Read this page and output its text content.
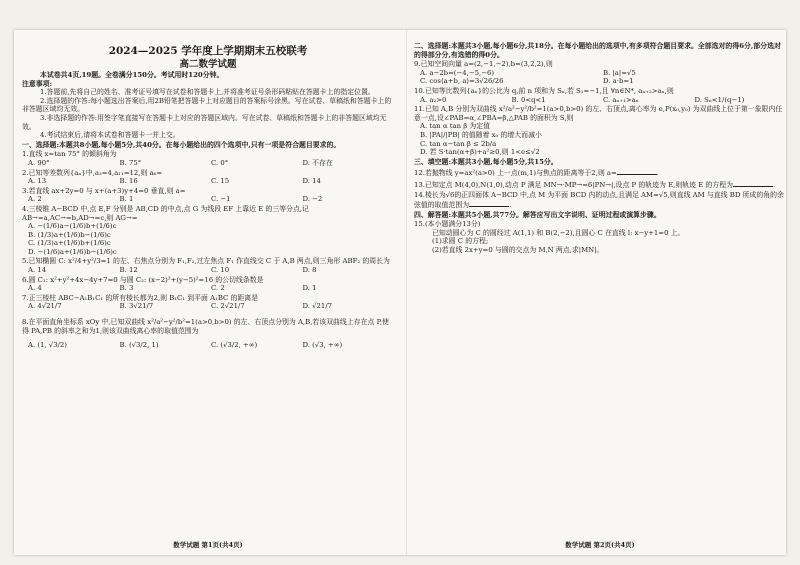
2024—2025 学年度上学期期末五校联考
高二数学试题
本试卷共4页,19题。全卷满分150分。考试用时120分钟。
注意事项:
1.答题前,先将自己的姓名、准考证号填写在试卷和答题卡上,并将准考证号条形码粘贴在答题卡上的指定位置。
2.选择题的作答:每小题选出答案后,用2B铅笔把答题卡上对应题目的答案标号涂黑。写在试卷、草稿纸和答题卡上的非答题区域均无效。
3.非选择题的作答:用签字笔直接写在答题卡上对应的答题区域内。写在试卷、草稿纸和答题卡上的非答题区域均无效。
4.考试结束后,请将本试卷和答题卡一并上交。
一、选择题:本题共8小题,每小题5分,共40分。在每小题给出的四个选项中,只有一项是符合题目要求的。
1.直线 x=tan 75° 的倾斜角为
A. 90°	B. 75°	C. 0°	D. 不存在
2.已知等差数列{aₙ}中,a₃=4,a₁₁=12,则 a₆=
A. 13	B. 16	C. 15	D. 14
3.若直线 ax+2y=0 与 x+(a+3)y+4=0 垂直,则 a=
A. 2	B. 1	C. −1	D. −2
4.三棱锥 A−BCD 中,点 E,F 分别是 AB,CD 的中点,点 G 为线段 EF 上靠近 E 的三等分点,记 AB→=a,AC→=b,AD→=c,则 AG→=
A. −(1/6)a−(1/6)b+(1/6)c
B. (1/3)a+(1/6)b−(1/6)c
C. (1/3)a+(1/6)b+(1/6)c
D. −(1/6)a+(1/6)b−(1/6)c
5.已知椭圆 C: x²/4+y²/3=1 的左、右焦点分别为 F₁,F₂,过左焦点 F₁ 作直线交 C 于 A,B 两点,则三角形 ABF₂ 的周长为
A. 14	B. 12	C. 10	D. 8
6.圆 C₁: x²+y²+4x−4y+7=0 与圆 C₂: (x−2)²+(y−5)²=16 的公切线条数是
A. 4	B. 3	C. 2	D. 1
7.正三棱柱 ABC−A₁B₁C₁ 的所有棱长都为2,则 B₁C₁ 到平面 A₁BC 的距离是
A. 4√21/7	B. 3√21/7	C. 2√21/7	D. √21/7
8.在平面直角坐标系 xOy 中,已知双曲线 x²/a²−y²/b²=1(a>0,b>0) 的左、右顶点分别为 A,B,若该双曲线上存在点 P,使得 PA,PB 的斜率之和为1,则该双曲线离心率的取值范围为
A. (1, √3/2)	B. (√3/2, 1)	C. (√3/2, +∞)	D. (√3, +∞)
数学试题 第1页(共4页)
二、选择题:本题共3小题,每小题6分,共18分。在每小题给出的选项中,有多项符合题目要求。全部选对的得6分,部分选对的得部分分,有选错的得0分。
9.已知空间向量 a=(2,−1,−2),b=(3,2,2),则
A. a−2b=(−4,−5,−6)	B. |a|=√5
C. cos⟨a+b, a⟩=3√26/26	D. a·b=1
10.已知等比数列{aₙ}的公比为 q,前 n 项和为 Sₙ,若 S₁=−1,且 ∀n∈N*, aₙ₊₂>aₙ,则
A. a₂>0	B. 0<q<1	C. aₙ₊₁>aₙ	D. Sₙ<1/(q−1)
11.已知 A,B 分别为双曲线 x²/a²−y²/b²=1(a>0,b>0) 的左、右顶点,离心率为 e,P(x₀,y₀) 为双曲线上位于第一象限内任意一点,设∠PAB=α,∠PBA=β,△PAB 的面积为 S,则
A. tan α tan β 为定值
B. |PA|/|PB| 的值随着 x₀ 的增大而减小
C. tan α−tan β ≤ 2b/a
D. 若 S·tan(α+β)+a²≥0,则 1<e≤√2
三、填空题:本题共3小题,每小题5分,共15分。
12.若抛物线 y=ax²(a>0) 上一点(m,1)与焦点的距离等于2,则 a=	.
13.已知定点 M(4,0),N(1,0),动点 P 满足 MN→·MP→=6|PN→|,设点 P 的轨迹为 E,则轨迹 E 的方程为	.
14.棱长为√6的正四面体 A−BCD 中,点 M 为平面 BCD 内的动点,且满足 AM=√5,则直线 AM 与直线 BD 所成的角的余弦值的取值范围为	.
四、解答题:本题共5小题,共77分。解答应写出文字说明、证明过程或演算步骤。
15.(本小题满分13分)
已知动圆心为 C 的圆经过 A(1,1) 和 B(2,−2),且圆心 C 在直线 l: x−y+1=0 上。
(1)求圆 C 的方程;
(2)若直线 2x+y=0 与圆的交点为 M,N 两点,求|MN|。
数学试题 第2页(共4页)
